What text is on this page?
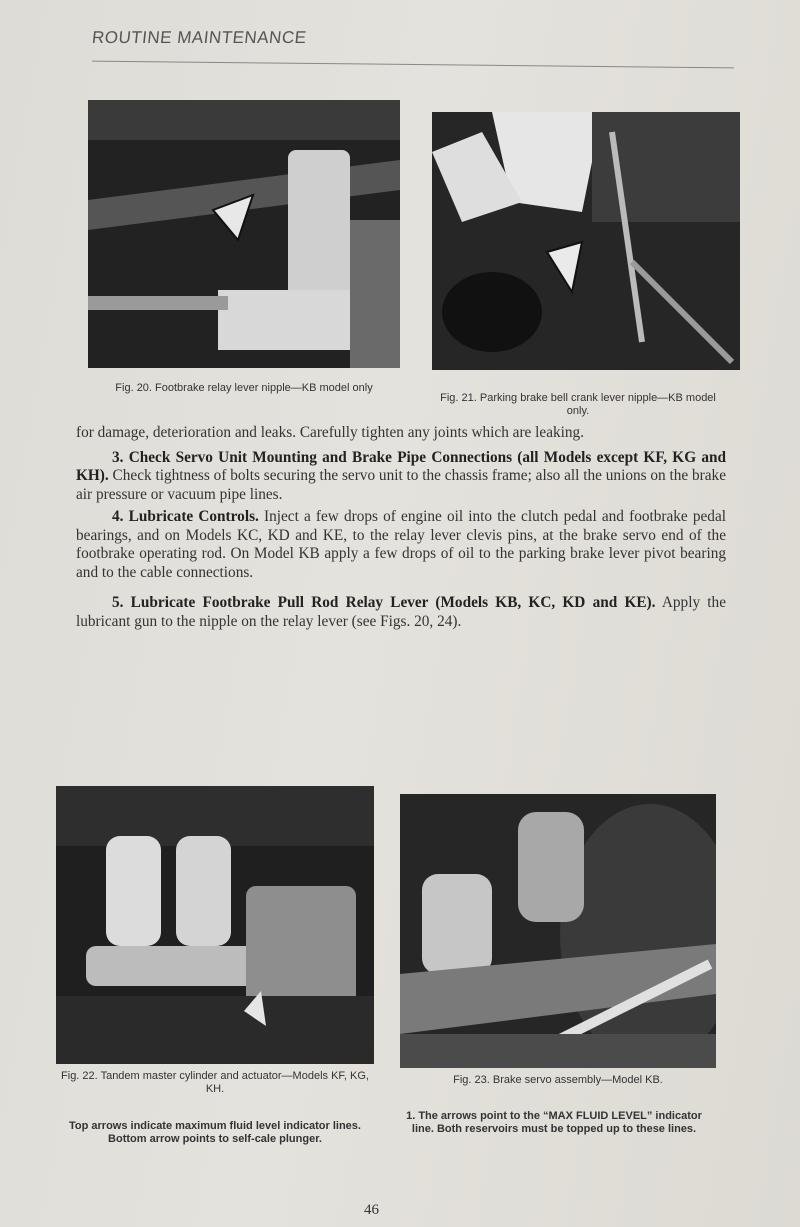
ROUTINE MAINTENANCE
Fig. 20. Footbrake relay lever nipple—KB model only
Fig. 21. Parking brake bell crank lever nipple—KB model only.

for damage, deterioration and leaks. Carefully tighten any joints which are leaking.

3. Check Servo Unit Mounting and Brake Pipe Connections (all Models except KF, KG and KH). Check tightness of bolts securing the servo unit to the chassis frame; also all the unions on the brake air pressure or vacuum pipe lines.

4. Lubricate Controls. Inject a few drops of engine oil into the clutch pedal and footbrake pedal bearings, and on Models KC, KD and KE, to the relay lever clevis pins, at the brake servo end of the footbrake operating rod. On Model KB apply a few drops of oil to the parking brake lever pivot bearing and to the cable connections.

5. Lubricate Footbrake Pull Rod Relay Lever (Models KB, KC, KD and KE). Apply the lubricant gun to the nipple on the relay lever (see Figs. 20, 24).

Fig. 22. Tandem master cylinder and actuator—Models KF, KG, KH.
Top arrows indicate maximum fluid level indicator lines. Bottom arrow points to self-cale plunger.
Fig. 23. Brake servo assembly—Model KB.
1. The arrows point to the “MAX FLUID LEVEL” indicator line. Both reservoirs must be topped up to these lines.
46
